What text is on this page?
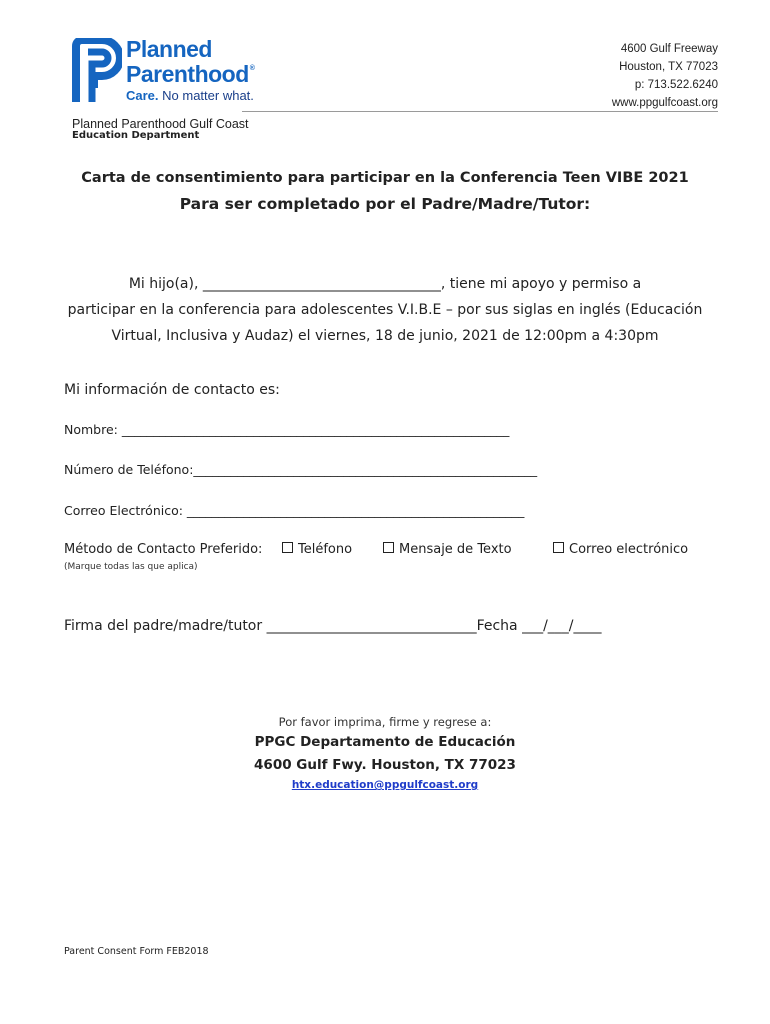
Planned
Parenthood®
Care. No matter what.
Planned Parenthood Gulf Coast
Education Department
4600 Gulf Freeway
Houston, TX 77023
p: 713.522.6240
www.ppgulfcoast.org
Carta de consentimiento para participar en la Conferencia Teen VIBE 2021
Para ser completado por el Padre/Madre/Tutor:
Mi hijo(a), __________________________________, tiene mi apoyo y permiso a
participar en la conferencia para adolescentes V.I.B.E – por sus siglas en inglés (Educación
Virtual, Inclusiva y Audaz) el viernes, 18 de junio, 2021 de 12:00pm a 4:30pm
Mi información de contacto es:
Nombre: ______________________________________________________________
Número de Teléfono:_______________________________________________________
Correo Electrónico: ______________________________________________________
Método de Contacto Preferido:	Teléfono	Mensaje de Texto	Correo electrónico
(Marque todas las que aplica)
Firma del padre/madre/tutor ______________________________Fecha ___/___/____
Por favor imprima, firme y regrese a:
PPGC Departamento de Educación
4600 Gulf Fwy. Houston, TX 77023
htx.education@ppgulfcoast.org
Parent Consent Form FEB2018
